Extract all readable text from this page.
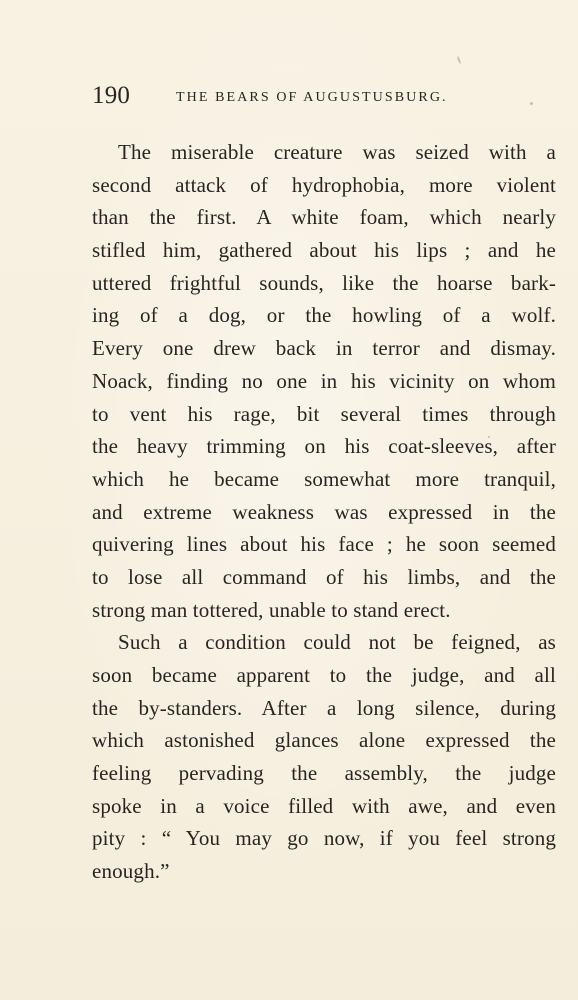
190	THE BEARS OF AUGUSTUSBURG.
The miserable creature was seized with a
second attack of hydrophobia, more violent
than the first. A white foam, which nearly
stifled him, gathered about his lips ; and he
uttered frightful sounds, like the hoarse bark-
ing of a dog, or the howling of a wolf.
Every one drew back in terror and dismay.
Noack, finding no one in his vicinity on whom
to vent his rage, bit several times through
the heavy trimming on his coat-sleeves, after
which he became somewhat more tranquil,
and extreme weakness was expressed in the
quivering lines about his face ; he soon seemed
to lose all command of his limbs, and the
strong man tottered, unable to stand erect.
Such a condition could not be feigned, as
soon became apparent to the judge, and all
the by-standers. After a long silence, during
which astonished glances alone expressed the
feeling pervading the assembly, the judge
spoke in a voice filled with awe, and even
pity : “ You may go now, if you feel strong
enough.”
